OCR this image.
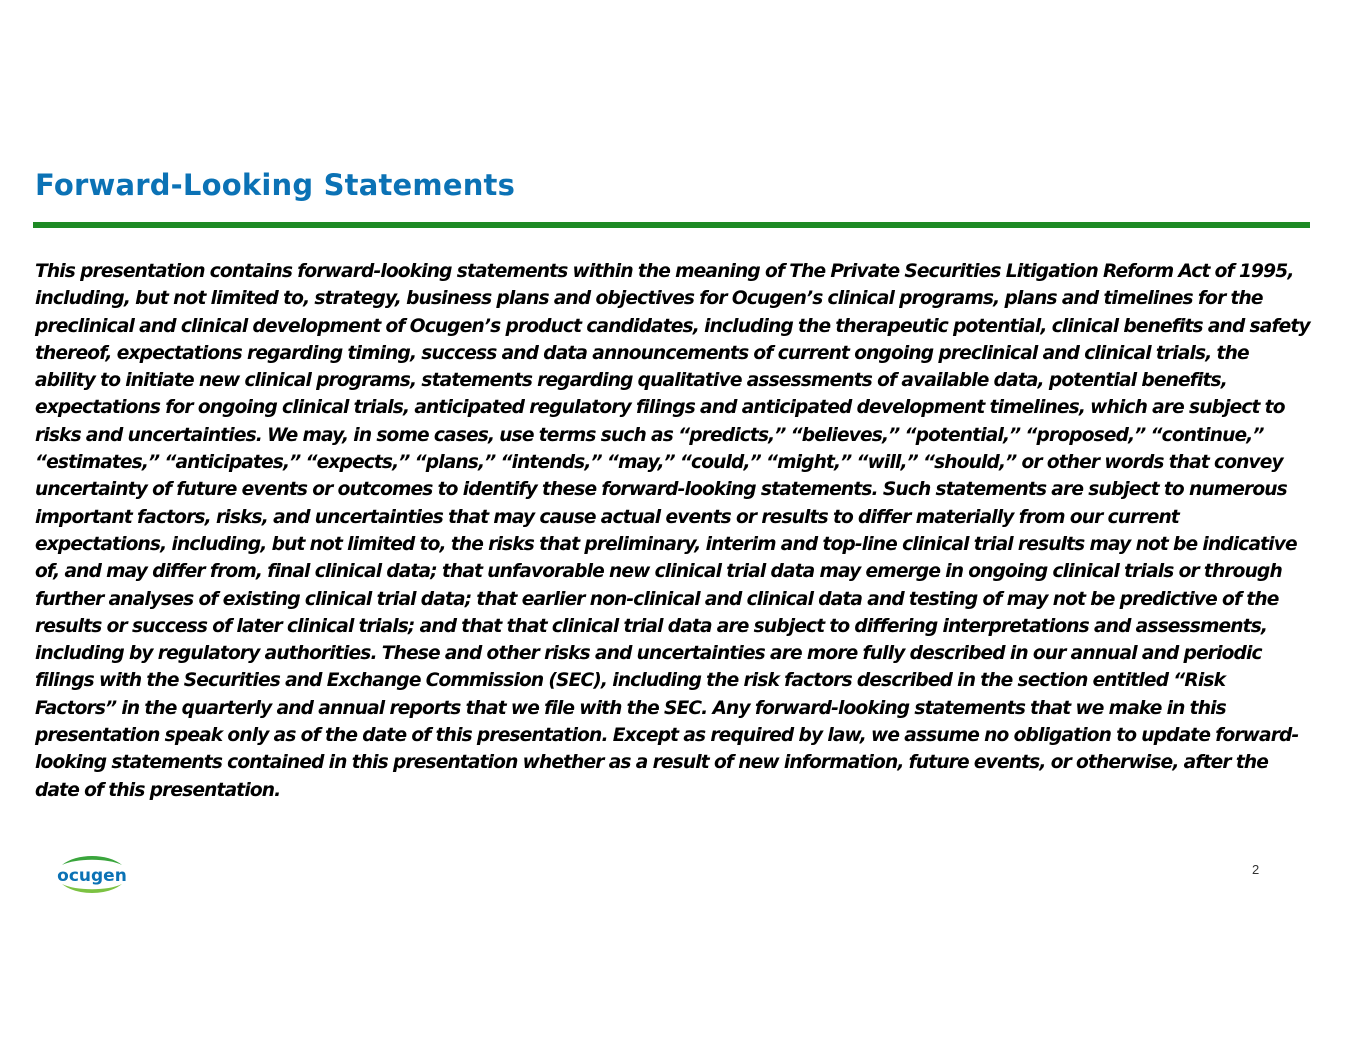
Forward-Looking Statements

This presentation contains forward-looking statements within the meaning of The Private Securities Litigation Reform Act of 1995, including, but not limited to, strategy, business plans and objectives for Ocugen’s clinical programs, plans and timelines for the preclinical and clinical development of Ocugen’s product candidates, including the therapeutic potential, clinical benefits and safety thereof, expectations regarding timing, success and data announcements of current ongoing preclinical and clinical trials, the ability to initiate new clinical programs, statements regarding qualitative assessments of available data, potential benefits, expectations for ongoing clinical trials, anticipated regulatory filings and anticipated development timelines, which are subject to risks and uncertainties. We may, in some cases, use terms such as “predicts,” “believes,” “potential,” “proposed,” “continue,” “estimates,” “anticipates,” “expects,” “plans,” “intends,” “may,” “could,” “might,” “will,” “should,” or other words that convey uncertainty of future events or outcomes to identify these forward-looking statements. Such statements are subject to numerous important factors, risks, and uncertainties that may cause actual events or results to differ materially from our current expectations, including, but not limited to, the risks that preliminary, interim and top-line clinical trial results may not be indicative of, and may differ from, final clinical data; that unfavorable new clinical trial data may emerge in ongoing clinical trials or through further analyses of existing clinical trial data; that earlier non-clinical and clinical data and testing of may not be predictive of the results or success of later clinical trials; and that that clinical trial data are subject to differing interpretations and assessments, including by regulatory authorities. These and other risks and uncertainties are more fully described in our annual and periodic filings with the Securities and Exchange Commission (SEC), including the risk factors described in the section entitled “Risk Factors” in the quarterly and annual reports that we file with the SEC. Any forward-looking statements that we make in this presentation speak only as of the date of this presentation. Except as required by law, we assume no obligation to update forward-looking statements contained in this presentation whether as a result of new information, future events, or otherwise, after the date of this presentation.

ocugen	2
